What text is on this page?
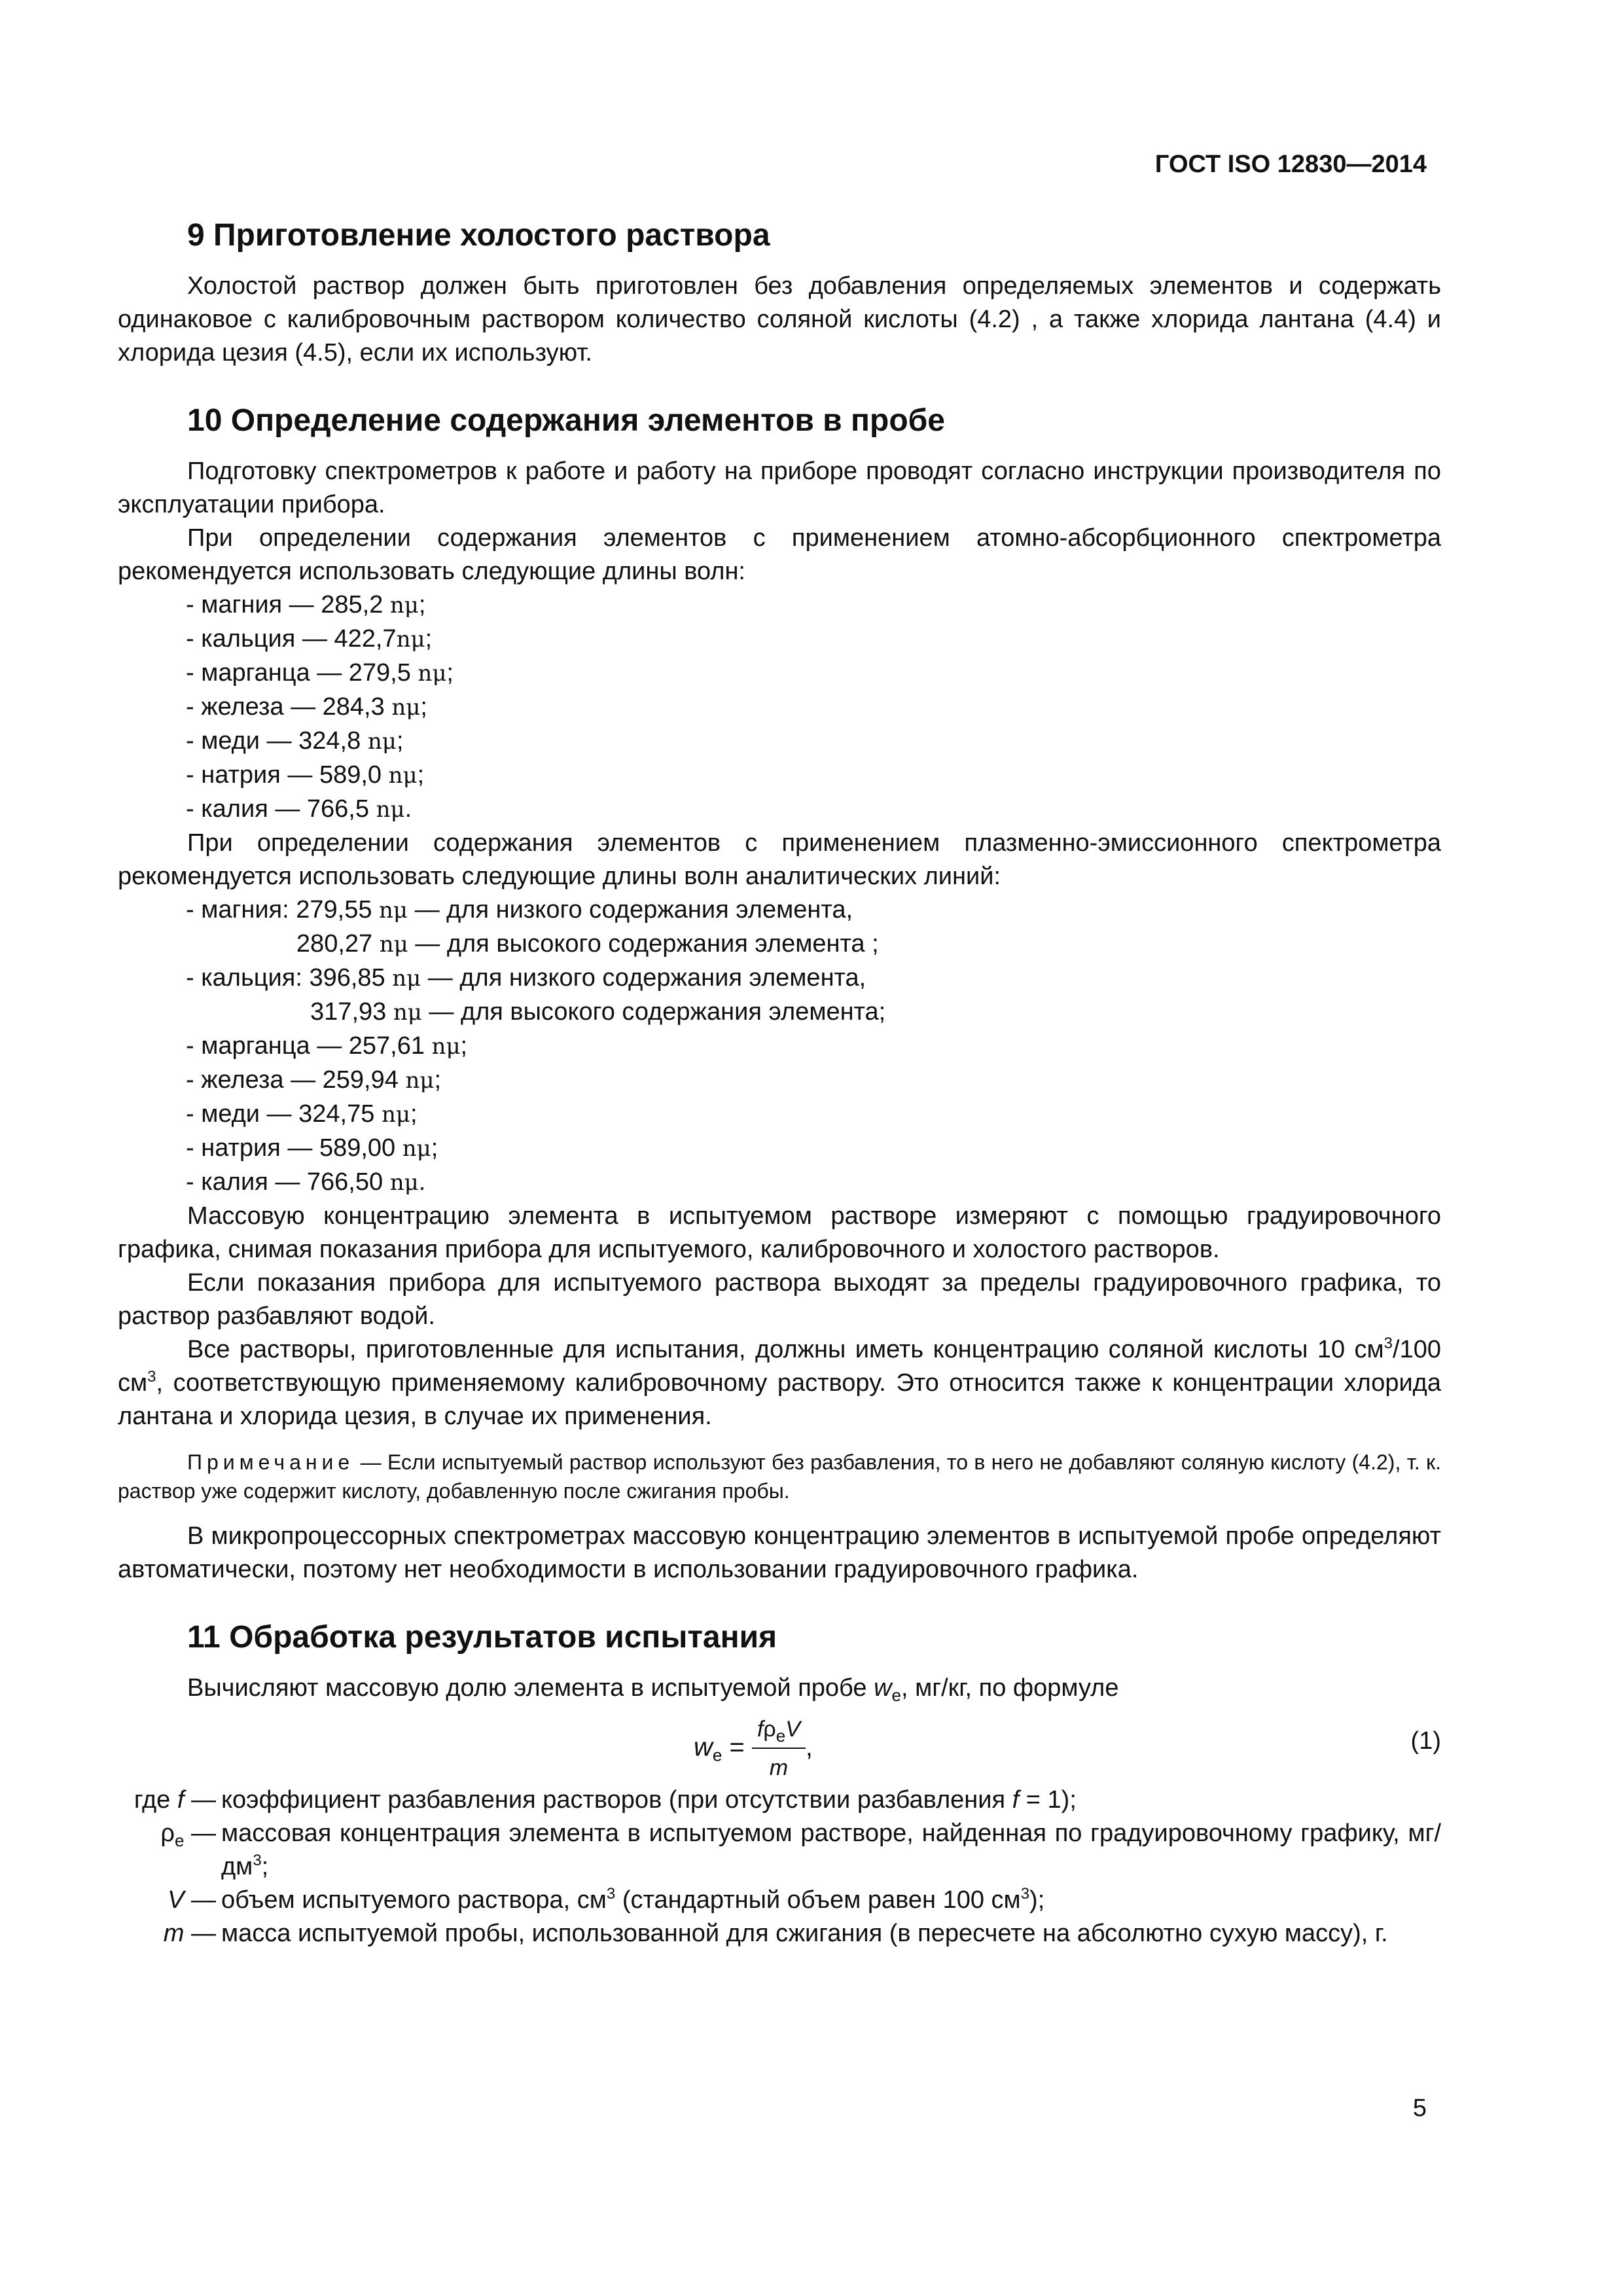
ГОСТ ISO 12830—2014
9 Приготовление холостого раствора

Холостой раствор должен быть приготовлен без добавления определяемых элементов и содержать одинаковое с калибровочным раствором количество соляной кислоты (4.2) , а также хлорида лантана (4.4) и хлорида цезия (4.5), если их используют.

10 Определение содержания элементов в пробе

Подготовку спектрометров к работе и работу на приборе проводят согласно инструкции производителя по эксплуатации прибора.

При определении содержания элементов с применением атомно-абсорбционного спектрометра рекомендуется использовать следующие длины волн:

- магния — 285,2 nμ;
- кальция — 422,7nμ;
- марганца — 279,5 nμ;
- железа — 284,3 nμ;
- меди — 324,8 nμ;
- натрия — 589,0 nμ;
- калия — 766,5 nμ.

При определении содержания элементов с применением плазменно-эмиссионного спектрометра рекомендуется использовать следующие длины волн аналитических линий:

- магния: 279,55 nμ — для низкого содержания элемента,
280,27 nμ — для высокого содержания элемента ;
- кальция: 396,85 nμ — для низкого содержания элемента,
317,93 nμ — для высокого содержания элемента;
- марганца — 257,61 nμ;
- железа — 259,94 nμ;
- меди — 324,75 nμ;
- натрия — 589,00 nμ;
- калия — 766,50 nμ.

Массовую концентрацию элемента в испытуемом растворе измеряют с помощью градуировочного графика, снимая показания прибора для испытуемого, калибровочного и холостого растворов.

Если показания прибора для испытуемого раствора выходят за пределы градуировочного графика, то раствор разбавляют водой.

Все растворы, приготовленные для испытания, должны иметь концентрацию соляной кислоты 10 $см^3/100$ $см^3$, соответствующую применяемому калибровочному раствору. Это относится также к концентрации хлорида лантана и хлорида цезия, в случае их применения.

Примечание — Если испытуемый раствор используют без разбавления, то в него не добавляют соляную кислоту (4.2), т. к. раствор уже содержит кислоту, добавленную после сжигания пробы.

В микропроцессорных спектрометрах массовую концентрацию элементов в испытуемой пробе определяют автоматически, поэтому нет необходимости в использовании градуировочного графика.

11 Обработка результатов испытания

Вычисляют массовую долю элемента в испытуемой пробе $w_e$, мг/кг, по формуле

$w_e = \frac{f\rho_eV}{m}$ ,	(1)
где f — коэффициент разбавления растворов (при отсутствии разбавления f = 1);
$\rho_e$ — массовая концентрация элемента в испытуемом растворе, найденная по градуировочному графику, $мг/дм^3$;
V — объем испытуемого раствора, $см^3$ (стандартный объем равен 100 $см^3$);
m — масса испытуемой пробы, использованной для сжигания (в пересчете на абсолютно сухую массу), г.
5
